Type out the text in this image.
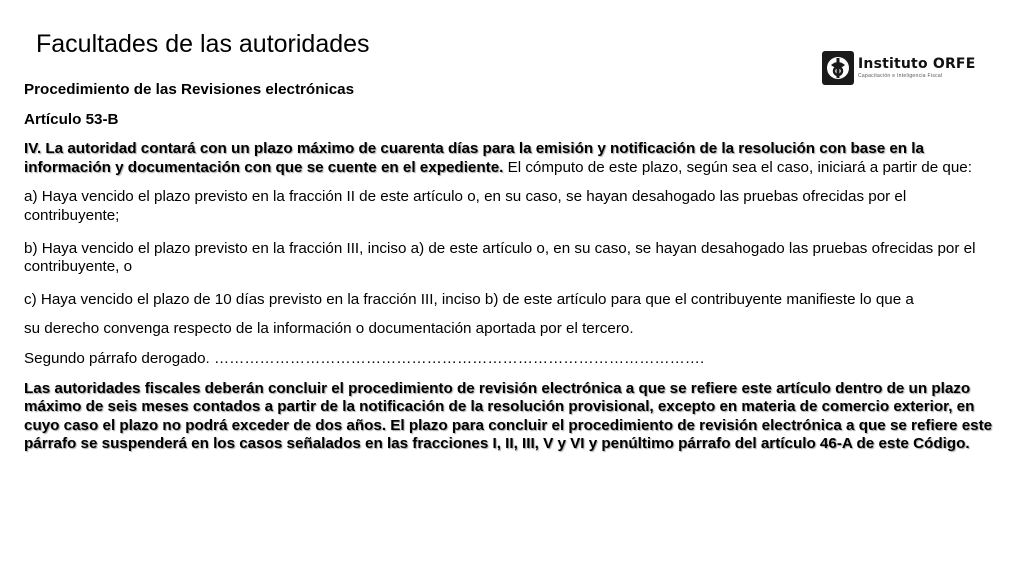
Facultades de las autoridades
Instituto ORFE
Capacitación e Inteligencia Fiscal

Procedimiento de las Revisiones electrónicas

Artículo 53-B

IV. La autoridad contará con un plazo máximo de cuarenta días para la emisión y notificación de la resolución con base en la información y documentación con que se cuente en el expediente. El cómputo de este plazo, según sea el caso, iniciará a partir de que:

a) Haya vencido el plazo previsto en la fracción II de este artículo o, en su caso, se hayan desahogado las pruebas ofrecidas por el contribuyente;

b) Haya vencido el plazo previsto en la fracción III, inciso a) de este artículo o, en su caso, se hayan desahogado las pruebas ofrecidas por el contribuyente, o

c) Haya vencido el plazo de 10 días previsto en la fracción III, inciso b) de este artículo para que el contribuyente manifieste lo que a

su derecho convenga respecto de la información o documentación aportada por el tercero.

Segundo párrafo derogado. …………………………………………………………………………………….

Las autoridades fiscales deberán concluir el procedimiento de revisión electrónica a que se refiere este artículo dentro de un plazo máximo de seis meses contados a partir de la notificación de la resolución provisional, excepto en materia de comercio exterior, en cuyo caso el plazo no podrá exceder de dos años. El plazo para concluir el procedimiento de revisión electrónica a que se refiere este párrafo se suspenderá en los casos señalados en las fracciones I, II, III, V y VI y penúltimo párrafo del artículo 46-A de este Código.
